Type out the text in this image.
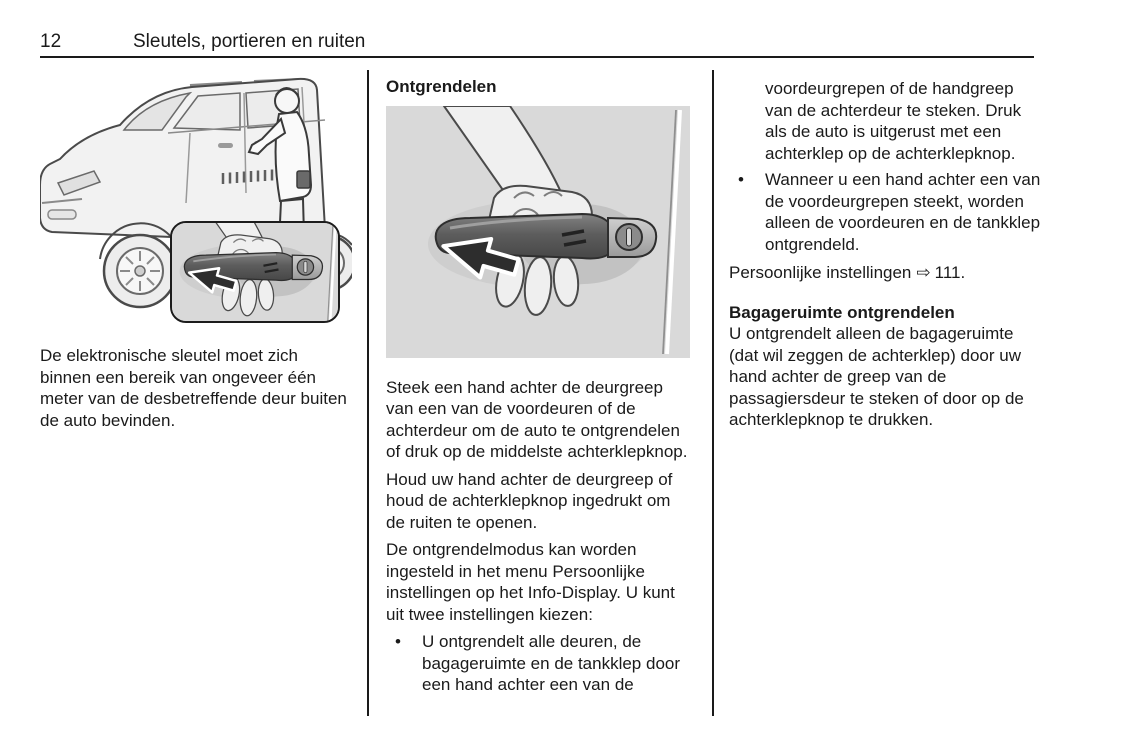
12	Sleutels, portieren en ruiten

De elektronische sleutel moet zich binnen een bereik van ongeveer één meter van de desbetreffende deur buiten de auto bevinden.

Ontgrendelen

Steek een hand achter de deurgreep van een van de voordeuren of de achterdeur om de auto te ontgrendelen of druk op de middelste achterklepknop.

Houd uw hand achter de deurgreep of houd de achterklepknop ingedrukt om de ruiten te openen.

De ontgrendelmodus kan worden ingesteld in het menu Persoonlijke instellingen op het Info-Display. U kunt uit twee instellingen kiezen:

• U ontgrendelt alle deuren, de bagageruimte en de tankklep door een hand achter een van de

voordeurgrepen of de handgreep van de achterdeur te steken. Druk als de auto is uitgerust met een achterklep op de achterklepknop.

• Wanneer u een hand achter een van de voordeurgrepen steekt, worden alleen de voordeuren en de tankklep ontgrendeld.

Persoonlijke instellingen ⇨ 111.

Bagageruimte ontgrendelen

U ontgrendelt alleen de bagageruimte (dat wil zeggen de achterklep) door uw hand achter de greep van de passagiersdeur te steken of door op de achterklepknop te drukken.
